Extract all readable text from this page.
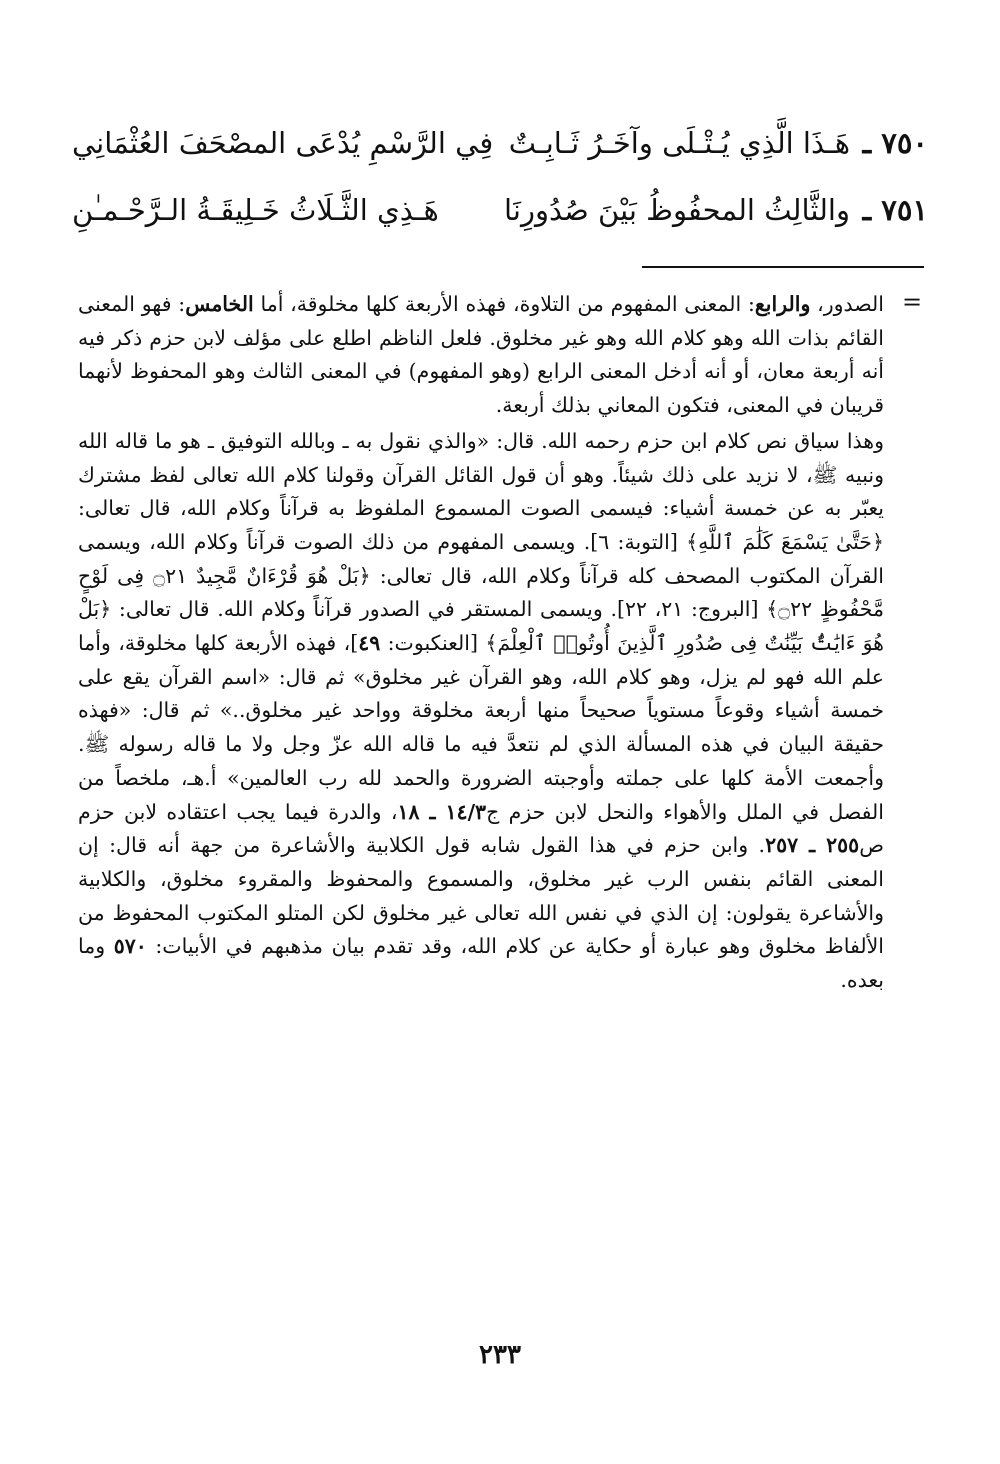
٧٥٠ ـ
هَـذَا الَّذِي يُـتْـلَى وآخَـرُ ثَـابِـتٌ
فِي الرَّسْمِ يُدْعَى المصْحَفَ العُثْمَانِي
٧٥١ ـ
والثَّالِثُ المحفُوظُ بَيْنَ صُدُورِنَا
هَـذِي الثَّـلَاثُ خَـلِيقَـةُ الـرَّحْـمـٰنِ
=

الصدور، والرابع: المعنى المفهوم من التلاوة، فهذه الأربعة كلها مخلوقة، أما الخامس: فهو المعنى القائم بذات الله وهو كلام الله وهو غير مخلوق. فلعل الناظم اطلع على مؤلف لابن حزم ذكر فيه أنه أربعة معان، أو أنه أدخل المعنى الرابع (وهو المفهوم) في المعنى الثالث وهو المحفوظ لأنهما قريبان في المعنى، فتكون المعاني بذلك أربعة.

وهذا سياق نص كلام ابن حزم رحمه الله. قال: «والذي نقول به ـ وبالله التوفيق ـ هو ما قاله الله ونبيه ﷺ، لا نزيد على ذلك شيئاً. وهو أن قول القائل القرآن وقولنا كلام الله تعالى لفظ مشترك يعبّر به عن خمسة أشياء: فيسمى الصوت المسموع الملفوظ به قرآناً وكلام الله، قال تعالى: ﴿حَتَّىٰ يَسْمَعَ كَلَٰمَ ٱللَّهِ﴾ [التوبة: ٦]. ويسمى المفهوم من ذلك الصوت قرآناً وكلام الله، ويسمى القرآن المكتوب المصحف كله قرآناً وكلام الله، قال تعالى: ﴿بَلْ هُوَ قُرْءَانٌ مَّجِيدٌ ۝٢١ فِى لَوْحٍ مَّحْفُوظٍ ۝٢٢﴾ [البروج: ٢١، ٢٢]. ويسمى المستقر في الصدور قرآناً وكلام الله. قال تعالى: ﴿بَلْ هُوَ ءَايَٰتٌۢ بَيِّنَٰتٌ فِى صُدُورِ ٱلَّذِينَ أُوتُوا۟ ٱلْعِلْمَ﴾ [العنكبوت: ٤٩]، فهذه الأربعة كلها مخلوقة، وأما علم الله فهو لم يزل، وهو كلام الله، وهو القرآن غير مخلوق» ثم قال: «اسم القرآن يقع على خمسة أشياء وقوعاً مستوياً صحيحاً منها أربعة مخلوقة وواحد غير مخلوق..» ثم قال: «فهذه حقيقة البيان في هذه المسألة الذي لم نتعدَّ فيه ما قاله الله عزّ وجل ولا ما قاله رسوله ﷺ. وأجمعت الأمة كلها على جملته وأوجبته الضرورة والحمد لله رب العالمين» أ.هـ، ملخصاً من الفصل في الملل والأهواء والنحل لابن حزم ج١٤/٣ ـ ١٨، والدرة فيما يجب اعتقاده لابن حزم ص٢٥٥ ـ ٢٥٧. وابن حزم في هذا القول شابه قول الكلابية والأشاعرة من جهة أنه قال: إن المعنى القائم بنفس الرب غير مخلوق، والمسموع والمحفوظ والمقروء مخلوق، والكلابية والأشاعرة يقولون: إن الذي في نفس الله تعالى غير مخلوق لكن المتلو المكتوب المحفوظ من الألفاظ مخلوق وهو عبارة أو حكاية عن كلام الله، وقد تقدم بيان مذهبهم في الأبيات: ٥٧٠ وما بعده.

٢٣٣
